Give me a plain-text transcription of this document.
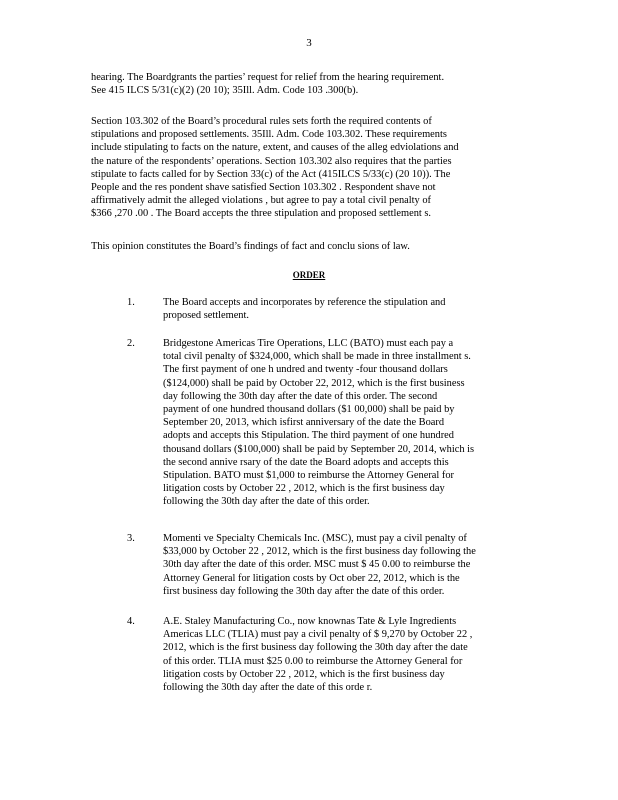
3
hearing. The Boardgrants the parties’ request for relief from the hearing requirement.
See 415 ILCS 5/31(c)(2) (20 10); 35Ill. Adm. Code 103 .300(b).
Section 103.302 of the Board’s procedural rules sets forth the required contents of
stipulations and proposed settlements. 35Ill. Adm. Code 103.302. These requirements
include stipulating to facts on the nature, extent, and causes of the alleg edviolations and
the nature of the respondents’ operations. Section 103.302 also requires that the parties
stipulate to facts called for by Section 33(c) of the Act (415ILCS 5/33(c) (20 10)). The
People and the res pondent shave satisfied Section 103.302 . Respondent shave not
affirmatively admit the alleged violations , but agree to pay a total civil penalty of
$366 ,270 .00 . The Board accepts the three stipulation and proposed settlement s.
This opinion constitutes the Board’s findings of fact and conclu sions of law.
ORDER
1.	The Board accepts and incorporates by reference the stipulation and
proposed settlement.
2.	Bridgestone Americas Tire Operations, LLC (BATO) must each pay a
total civil penalty of $324,000, which shall be made in three installment s.
The first payment of one h undred and twenty -four thousand dollars
($124,000) shall be paid by October 22, 2012, which is the first business
day following the 30th day after the date of this order. The second
payment of one hundred thousand dollars ($1 00,000) shall be paid by
September 20, 2013, which isfirst anniversary of the date the Board
adopts and accepts this Stipulation. The third payment of one hundred
thousand dollars ($100,000) shall be paid by September 20, 2014, which is
the second annive rsary of the date the Board adopts and accepts this
Stipulation. BATO must $1,000 to reimburse the Attorney General for
litigation costs by October 22 , 2012, which is the first business day
following the 30th day after the date of this order.
3.	Momenti ve Specialty Chemicals Inc. (MSC), must pay a civil penalty of
$33,000 by October 22 , 2012, which is the first business day following the
30th day after the date of this order. MSC must $ 45 0.00 to reimburse the
Attorney General for litigation costs by Oct ober 22, 2012, which is the
first business day following the 30th day after the date of this order.
4.	A.E. Staley Manufacturing Co., now knownas Tate & Lyle Ingredients
Americas LLC (TLIA) must pay a civil penalty of $ 9,270 by October 22 ,
2012, which is the first business day following the 30th day after the date
of this order. TLIA must $25 0.00 to reimburse the Attorney General for
litigation costs by October 22 , 2012, which is the first business day
following the 30th day after the date of this orde r.
